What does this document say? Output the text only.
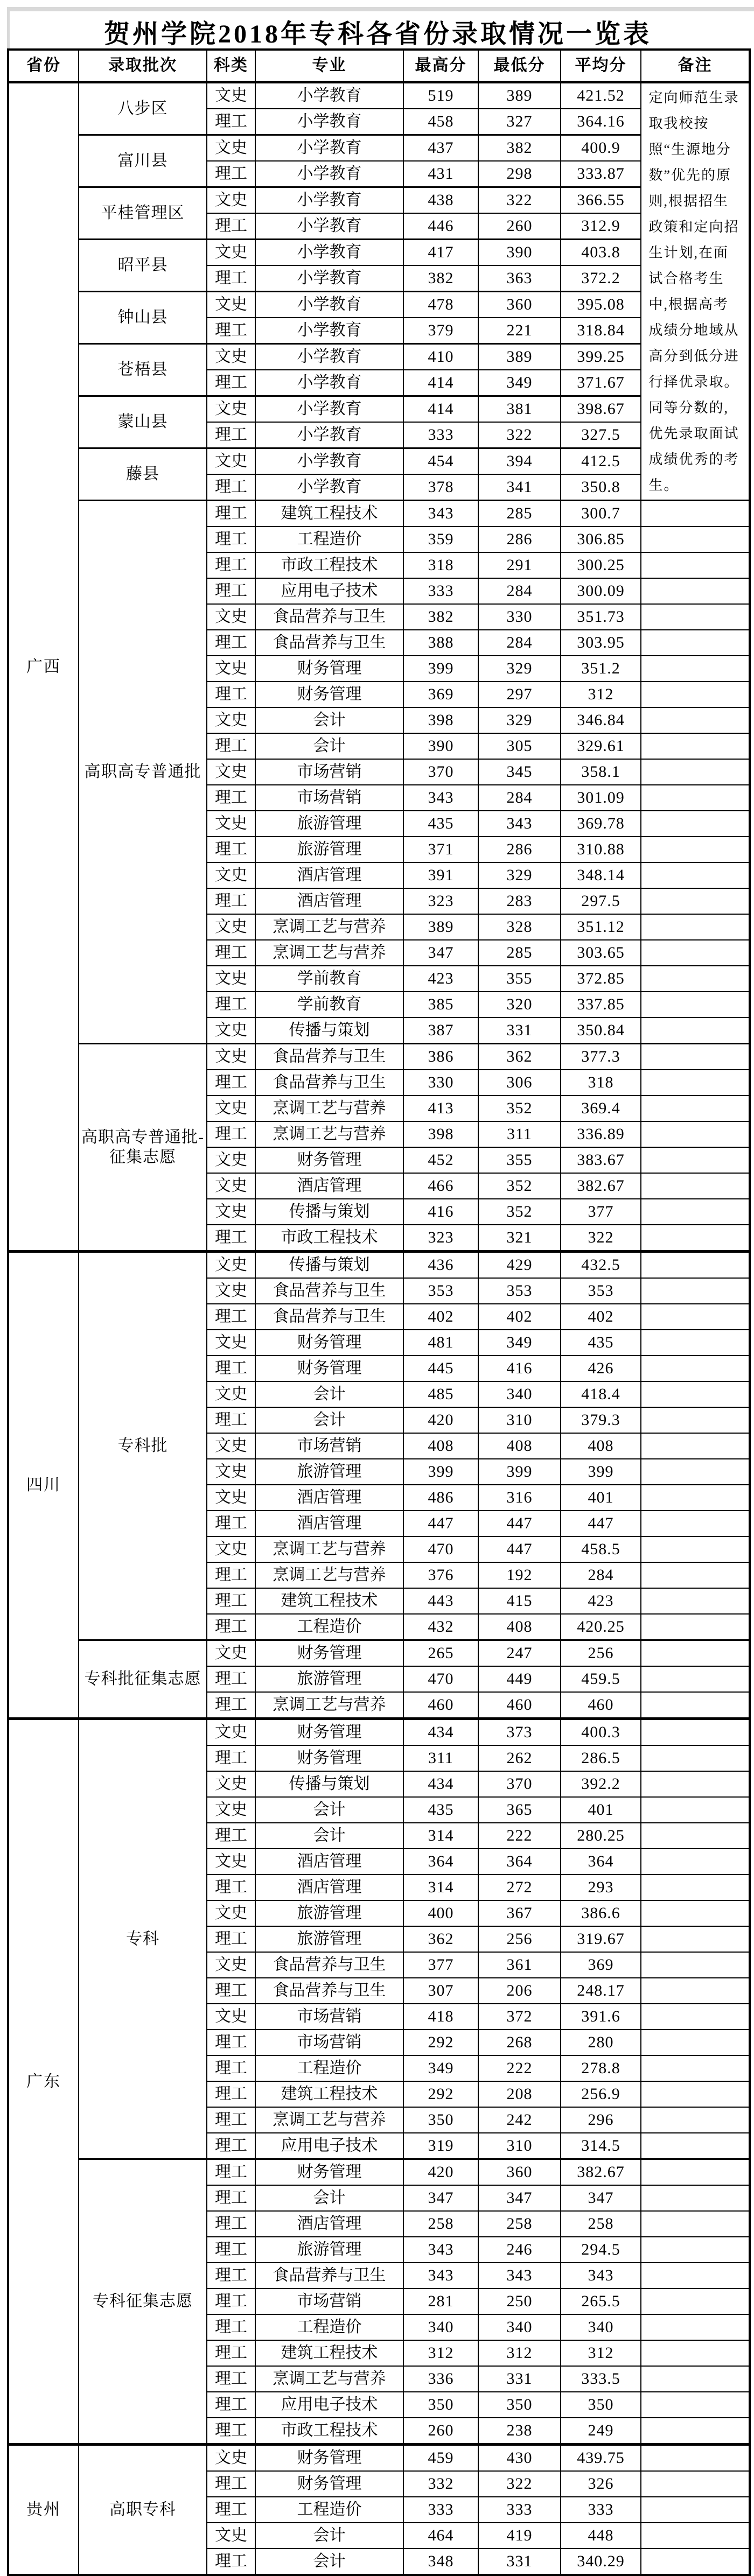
贺州学院2018年专科各省份录取情况一览表
省份	录取批次	科类	专业	最高分	最低分	平均分	备注
广西	八步区	文史	小学教育	519	389	421.52	定向师范生录取我校按照“生源地分数”优先的原则,根据招生政策和定向招生计划,在面试合格考生中,根据高考成绩分地域从高分到低分进行择优录取。同等分数的,优先录取面试成绩优秀的考生。

		理工	小学教育	458	327	364.16	
	富川县	文史	小学教育	437	382	400.9	
		理工	小学教育	431	298	333.87	
	平桂管理区	文史	小学教育	438	322	366.55	
		理工	小学教育	446	260	312.9	
	昭平县	文史	小学教育	417	390	403.8	
		理工	小学教育	382	363	372.2	
	钟山县	文史	小学教育	478	360	395.08	
		理工	小学教育	379	221	318.84	
	苍梧县	文史	小学教育	410	389	399.25	
		理工	小学教育	414	349	371.67	
	蒙山县	文史	小学教育	414	381	398.67	
		理工	小学教育	333	322	327.5	
	藤县	文史	小学教育	454	394	412.5	
		理工	小学教育	378	341	350.8	
	高职高专普通批	理工	建筑工程技术	343	285	300.7	
		理工	工程造价	359	286	306.85	
		理工	市政工程技术	318	291	300.25	
		理工	应用电子技术	333	284	300.09	
		文史	食品营养与卫生	382	330	351.73	
		理工	食品营养与卫生	388	284	303.95	
		文史	财务管理	399	329	351.2	
		理工	财务管理	369	297	312	
		文史	会计	398	329	346.84	
		理工	会计	390	305	329.61	
		文史	市场营销	370	345	358.1	
		理工	市场营销	343	284	301.09	
		文史	旅游管理	435	343	369.78	
		理工	旅游管理	371	286	310.88	
		文史	酒店管理	391	329	348.14	
		理工	酒店管理	323	283	297.5	
		文史	烹调工艺与营养	389	328	351.12	
		理工	烹调工艺与营养	347	285	303.65	
		文史	学前教育	423	355	372.85	
		理工	学前教育	385	320	337.85	
		文史	传播与策划	387	331	350.84	
	高职高专普通批-征集志愿	文史	食品营养与卫生	386	362	377.3	
		理工	食品营养与卫生	330	306	318	
		文史	烹调工艺与营养	413	352	369.4	
		理工	烹调工艺与营养	398	311	336.89	
		文史	财务管理	452	355	383.67	
		文史	酒店管理	466	352	382.67	
		文史	传播与策划	416	352	377	
		理工	市政工程技术	323	321	322	
四川	专科批	文史	传播与策划	436	429	432.5	
		文史	食品营养与卫生	353	353	353	
		理工	食品营养与卫生	402	402	402	
		文史	财务管理	481	349	435	
		理工	财务管理	445	416	426	
		文史	会计	485	340	418.4	
		理工	会计	420	310	379.3	
		文史	市场营销	408	408	408	
		文史	旅游管理	399	399	399	
		文史	酒店管理	486	316	401	
		理工	酒店管理	447	447	447	
		文史	烹调工艺与营养	470	447	458.5	
		理工	烹调工艺与营养	376	192	284	
		理工	建筑工程技术	443	415	423	
		理工	工程造价	432	408	420.25	
	专科批征集志愿	文史	财务管理	265	247	256	
		理工	旅游管理	470	449	459.5	
		理工	烹调工艺与营养	460	460	460	
广东	专科	文史	财务管理	434	373	400.3	
		理工	财务管理	311	262	286.5	
		文史	传播与策划	434	370	392.2	
		文史	会计	435	365	401	
		理工	会计	314	222	280.25	
		文史	酒店管理	364	364	364	
		理工	酒店管理	314	272	293	
		文史	旅游管理	400	367	386.6	
		理工	旅游管理	362	256	319.67	
		文史	食品营养与卫生	377	361	369	
		理工	食品营养与卫生	307	206	248.17	
		文史	市场营销	418	372	391.6	
		理工	市场营销	292	268	280	
		理工	工程造价	349	222	278.8	
		理工	建筑工程技术	292	208	256.9	
		理工	烹调工艺与营养	350	242	296	
		理工	应用电子技术	319	310	314.5	
	专科征集志愿	理工	财务管理	420	360	382.67	
		理工	会计	347	347	347	
		理工	酒店管理	258	258	258	
		理工	旅游管理	343	246	294.5	
		理工	食品营养与卫生	343	343	343	
		理工	市场营销	281	250	265.5	
		理工	工程造价	340	340	340	
		理工	建筑工程技术	312	312	312	
		理工	烹调工艺与营养	336	331	333.5	
		理工	应用电子技术	350	350	350	
		理工	市政工程技术	260	238	249	
贵州	高职专科	文史	财务管理	459	430	439.75	
		理工	财务管理	332	322	326	
		理工	工程造价	333	333	333	
		文史	会计	464	419	448	
		理工	会计	348	331	340.29	
